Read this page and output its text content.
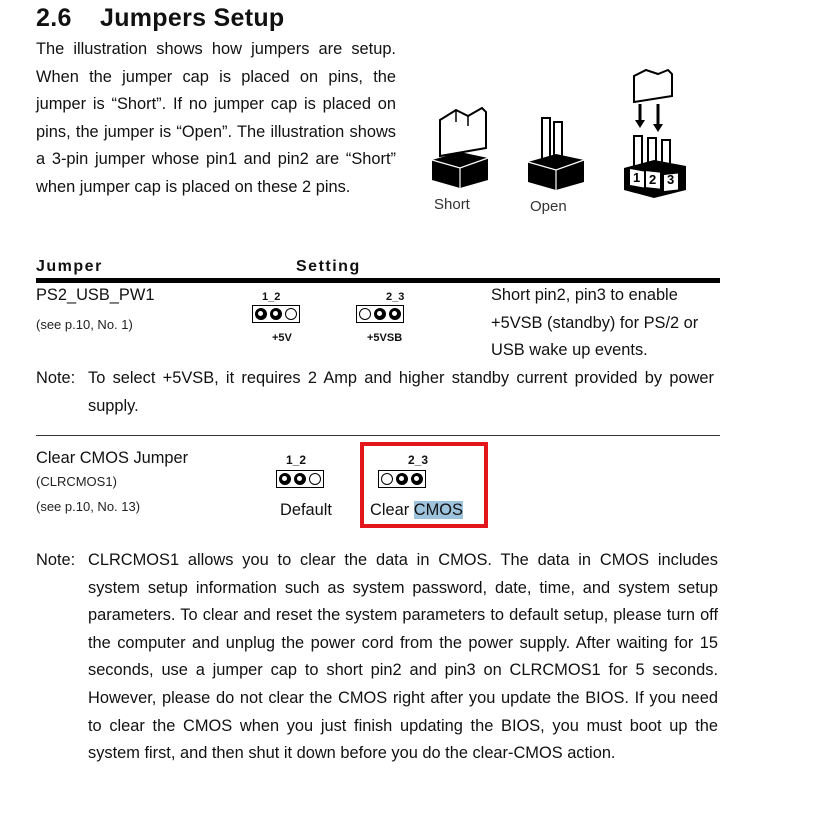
2.6 Jumpers Setup

The illustration shows how jumpers are setup. When the jumper cap is placed on pins, the jumper is “Short”. If no jumper cap is placed on pins, the jumper is “Open”. The illustration shows a 3-pin jumper whose pin1 and pin2 are “Short” when jumper cap is placed on these 2 pins.

Short	Open
1 2 3
Jumper	Setting
PS2_USB_PW1
(see p.10, No. 1)
1_2
+5V
2_3
+5VSB
Short pin2, pin3 to enable
+5VSB (standby) for PS/2 or
USB wake up events.
Note: To select +5VSB, it requires 2 Amp and higher standby current provided by power supply.
Clear CMOS Jumper
(CLRCMOS1)
(see p.10, No. 13)
1_2
Default
2_3
Clear CMOS
Note: CLRCMOS1 allows you to clear the data in CMOS. The data in CMOS includes system setup information such as system password, date, time, and system setup parameters. To clear and reset the system parameters to default setup, please turn off the computer and unplug the power cord from the power supply. After waiting for 15 seconds, use a jumper cap to short pin2 and pin3 on CLRCMOS1 for 5 seconds. However, please do not clear the CMOS right after you update the BIOS. If you need to clear the CMOS when you just finish updating the BIOS, you must boot up the system first, and then shut it down before you do the clear-CMOS action.
